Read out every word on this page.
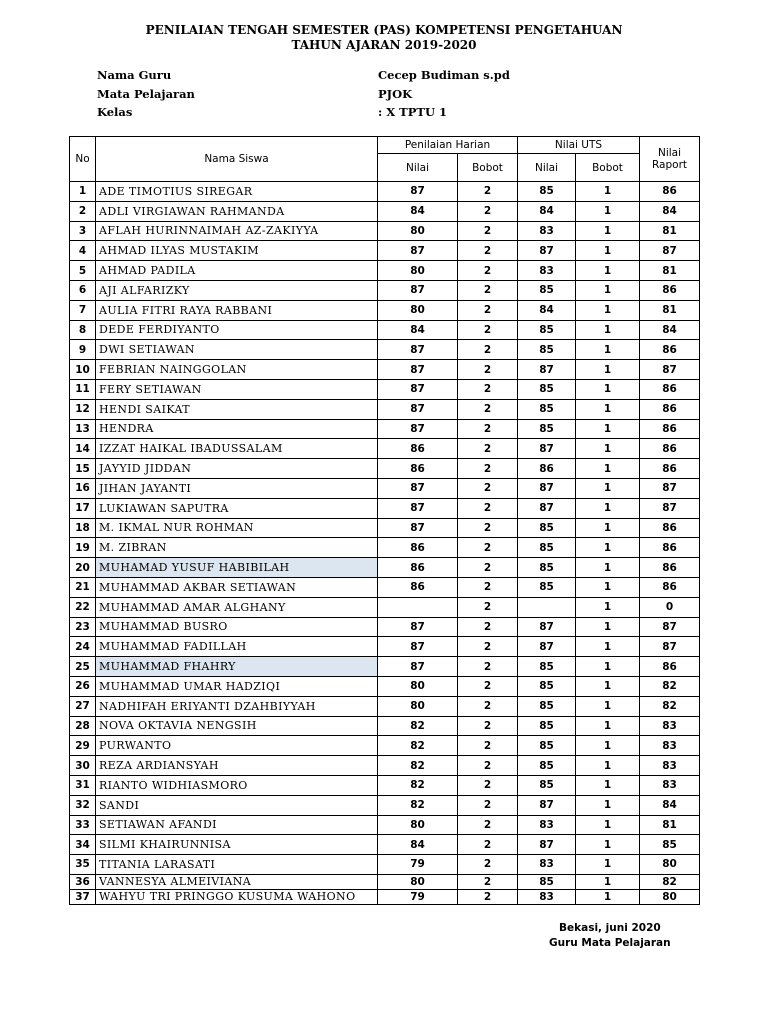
PENILAIAN TENGAH SEMESTER (PAS) KOMPETENSI PENGETAHUAN
TAHUN AJARAN 2019-2020
Nama Guru	Cecep Budiman s.pd
Mata Pelajaran	PJOK
Kelas	: X TPTU 1
No	Nama Siswa	Penilaian Harian		Nilai UTS		Nilai Raport
		Nilai	Bobot	Nilai	Bobot	
1	ADE TIMOTIUS SIREGAR	87	2	85	1	86
2	ADLI VIRGIAWAN RAHMANDA	84	2	84	1	84
3	AFLAH HURINNAIMAH AZ-ZAKIYYA	80	2	83	1	81
4	AHMAD ILYAS MUSTAKIM	87	2	87	1	87
5	AHMAD PADILA	80	2	83	1	81
6	AJI ALFARIZKY	87	2	85	1	86
7	AULIA FITRI RAYA RABBANI	80	2	84	1	81
8	DEDE FERDIYANTO	84	2	85	1	84
9	DWI SETIAWAN	87	2	85	1	86
10	FEBRIAN NAINGGOLAN	87	2	87	1	87
11	FERY SETIAWAN	87	2	85	1	86
12	HENDI SAIKAT	87	2	85	1	86
13	HENDRA	87	2	85	1	86
14	IZZAT HAIKAL IBADUSSALAM	86	2	87	1	86
15	JAYYID JIDDAN	86	2	86	1	86
16	JIHAN JAYANTI	87	2	87	1	87
17	LUKIAWAN SAPUTRA	87	2	87	1	87
18	M. IKMAL NUR ROHMAN	87	2	85	1	86
19	M. ZIBRAN	86	2	85	1	86
20	MUHAMAD YUSUF HABIBILAH	86	2	85	1	86
21	MUHAMMAD AKBAR SETIAWAN	86	2	85	1	86
22	MUHAMMAD AMAR ALGHANY		2		1	0
23	MUHAMMAD BUSRO	87	2	87	1	87
24	MUHAMMAD FADILLAH	87	2	87	1	87
25	MUHAMMAD FHAHRY	87	2	85	1	86
26	MUHAMMAD UMAR HADZIQI	80	2	85	1	82
27	NADHIFAH ERIYANTI DZAHBIYYAH	80	2	85	1	82
28	NOVA OKTAVIA NENGSIH	82	2	85	1	83
29	PURWANTO	82	2	85	1	83
30	REZA ARDIANSYAH	82	2	85	1	83
31	RIANTO WIDHIASMORO	82	2	85	1	83
32	SANDI	82	2	87	1	84
33	SETIAWAN AFANDI	80	2	83	1	81
34	SILMI KHAIRUNNISA	84	2	87	1	85
35	TITANIA LARASATI	79	2	83	1	80
36	VANNESYA ALMEIVIANA	80	2	85	1	82
37	WAHYU TRI PRINGGO KUSUMA WAHONO	79	2	83	1	80
Bekasi, juni 2020
Guru Mata Pelajaran
